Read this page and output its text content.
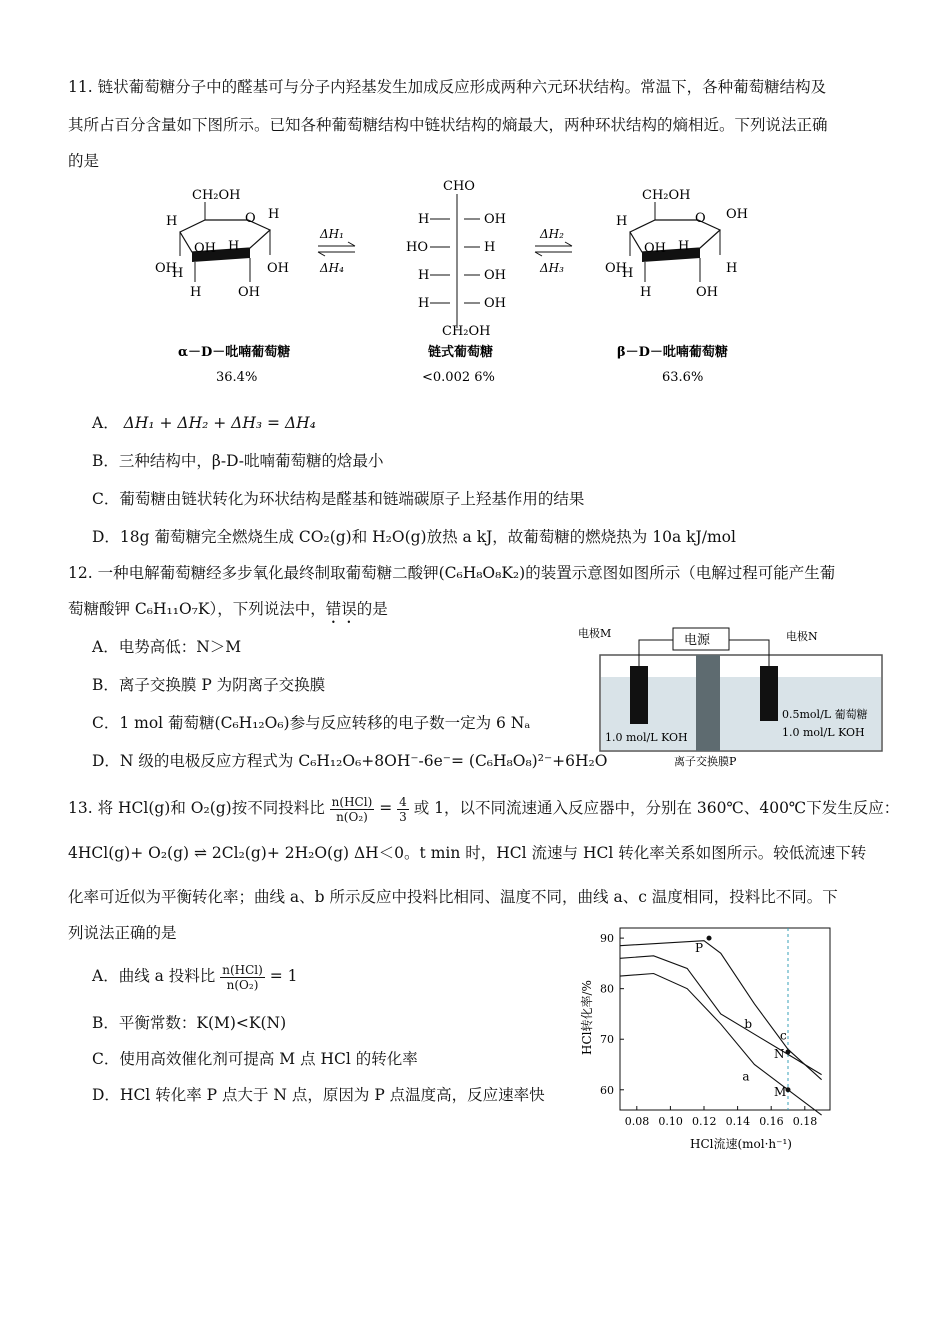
11. 链状葡萄糖分子中的醛基可与分子内羟基发生加成反应形成两种六元环状结构。常温下，各种葡萄糖结构及
其所占百分含量如下图所示。已知各种葡萄糖结构中链状结构的熵最大，两种环状结构的熵相近。下列说法正确
的是
CH₂OH
O
H	H
OH
OH H
OH
H	OH
H
ΔH₁
ΔH₄
CHO
H	OH
HO	H
H	OH
H	OH
CH₂OH
ΔH₂
ΔH₃
CH₂OH
O
H	OH
OH
OH H
H
H	OH
H
α－D－吡喃葡萄糖
36.4%
链式葡萄糖
<0.002 6%
β－D－吡喃葡萄糖
63.6%
A． ΔH₁ + ΔH₂ + ΔH₃ = ΔH₄
B．三种结构中，β-D-吡喃葡萄糖的焓最小
C．葡萄糖由链状转化为环状结构是醛基和链端碳原子上羟基作用的结果
D．18g 葡萄糖完全燃烧生成 CO₂(g)和 H₂O(g)放热 a kJ，故葡萄糖的燃烧热为 10a kJ/mol
12. 一种电解葡萄糖经多步氧化最终制取葡萄糖二酸钾(C₆H₈O₈K₂)的装置示意图如图所示（电解过程可能产生葡
萄糖酸钾 C₆H₁₁O₇K），下列说法中，错误的是
A．电势高低：N＞M
B．离子交换膜 P 为阴离子交换膜
C．1 mol 葡萄糖(C₆H₁₂O₆)参与反应转移的电子数一定为 6 Nₐ
D．N 级的电极反应方程式为 C₆H₁₂O₆+8OH⁻-6e⁻= (C₆H₈O₈)²⁻+6H₂O
电源
电极M	电极N
1.0 mol/L KOH
0.5mol/L 葡萄糖
1.0 mol/L KOH
离子交换膜P
13. 将 HCl(g)和 O₂(g)按不同投料比 $\frac{\text{n(HCl)}}{\text{n(O₂)}} = \frac{4}{3}$ 或 1，以不同流速通入反应器中，分别在 360℃、400℃下发生反应：
4HCl(g)+ O₂(g) ⇌ 2Cl₂(g)+ 2H₂O(g) ΔH＜0。t min 时，HCl 流速与 HCl 转化率关系如图所示。较低流速下转
化率可近似为平衡转化率；曲线 a、b 所示反应中投料比相同、温度不同，曲线 a、c 温度相同，投料比不同。下
列说法正确的是
A．曲线 a 投料比 $\frac{\text{n(HCl)}}{\text{n(O₂)}} = 1$
B．平衡常数：K(M)<K(N)
C．使用高效催化剂可提高 M 点 HCl 的转化率
D．HCl 转化率 P 点大于 N 点，原因为 P 点温度高，反应速率快
HCl转化率/%
HCl流速(mol·h⁻¹)
0.08 0.10 0.12 0.14 0.16 0.18
60
70
80
90
a
b
c
P
N
M
